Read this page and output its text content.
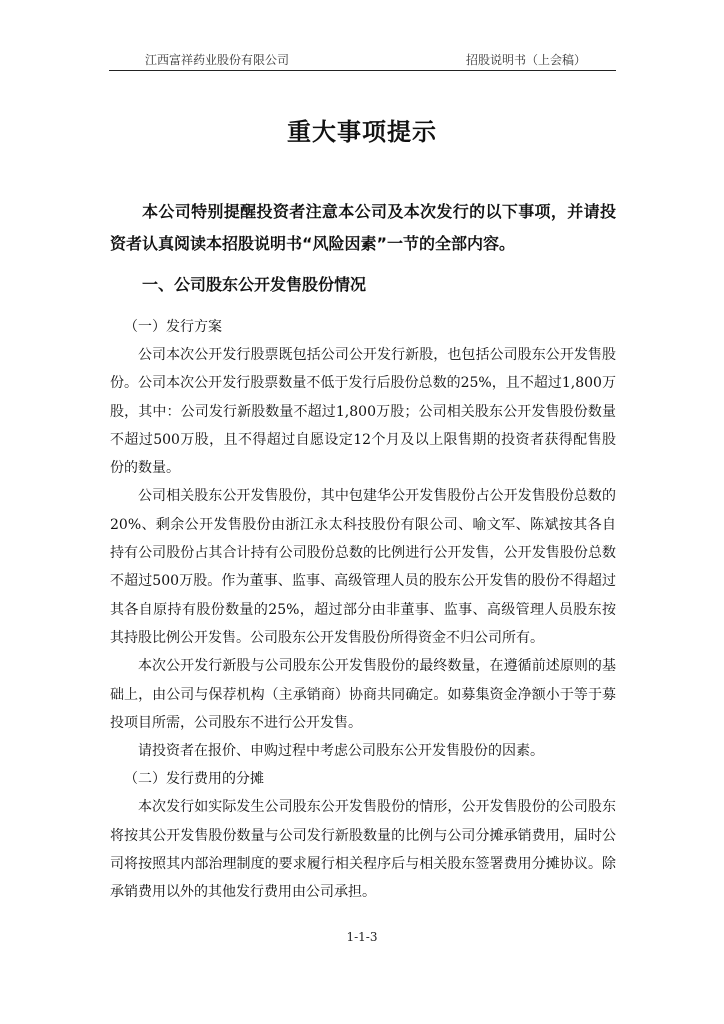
江西富祥药业股份有限公司	招股说明书（上会稿）
重大事项提示

本公司特别提醒投资者注意本公司及本次发行的以下事项，并请投资者认真阅读本招股说明书“风险因素”一节的全部内容。

一、公司股东公开发售股份情况
（一）发行方案

公司本次公开发行股票既包括公司公开发行新股，也包括公司股东公开发售股份。公司本次公开发行股票数量不低于发行后股份总数的25%，且不超过1,800万股，其中：公司发行新股数量不超过1,800万股；公司相关股东公开发售股份数量不超过500万股，且不得超过自愿设定12个月及以上限售期的投资者获得配售股份的数量。

公司相关股东公开发售股份，其中包建华公开发售股份占公开发售股份总数的20%、剩余公开发售股份由浙江永太科技股份有限公司、喻文军、陈斌按其各自持有公司股份占其合计持有公司股份总数的比例进行公开发售，公开发售股份总数不超过500万股。作为董事、监事、高级管理人员的股东公开发售的股份不得超过其各自原持有股份数量的25%，超过部分由非董事、监事、高级管理人员股东按其持股比例公开发售。公司股东公开发售股份所得资金不归公司所有。

本次公开发行新股与公司股东公开发售股份的最终数量，在遵循前述原则的基础上，由公司与保荐机构（主承销商）协商共同确定。如募集资金净额小于等于募投项目所需，公司股东不进行公开发售。

请投资者在报价、申购过程中考虑公司股东公开发售股份的因素。

（二）发行费用的分摊

本次发行如实际发生公司股东公开发售股份的情形，公开发售股份的公司股东将按其公开发售股份数量与公司发行新股数量的比例与公司分摊承销费用，届时公司将按照其内部治理制度的要求履行相关程序后与相关股东签署费用分摊协议。除承销费用以外的其他发行费用由公司承担。

1-1-3
